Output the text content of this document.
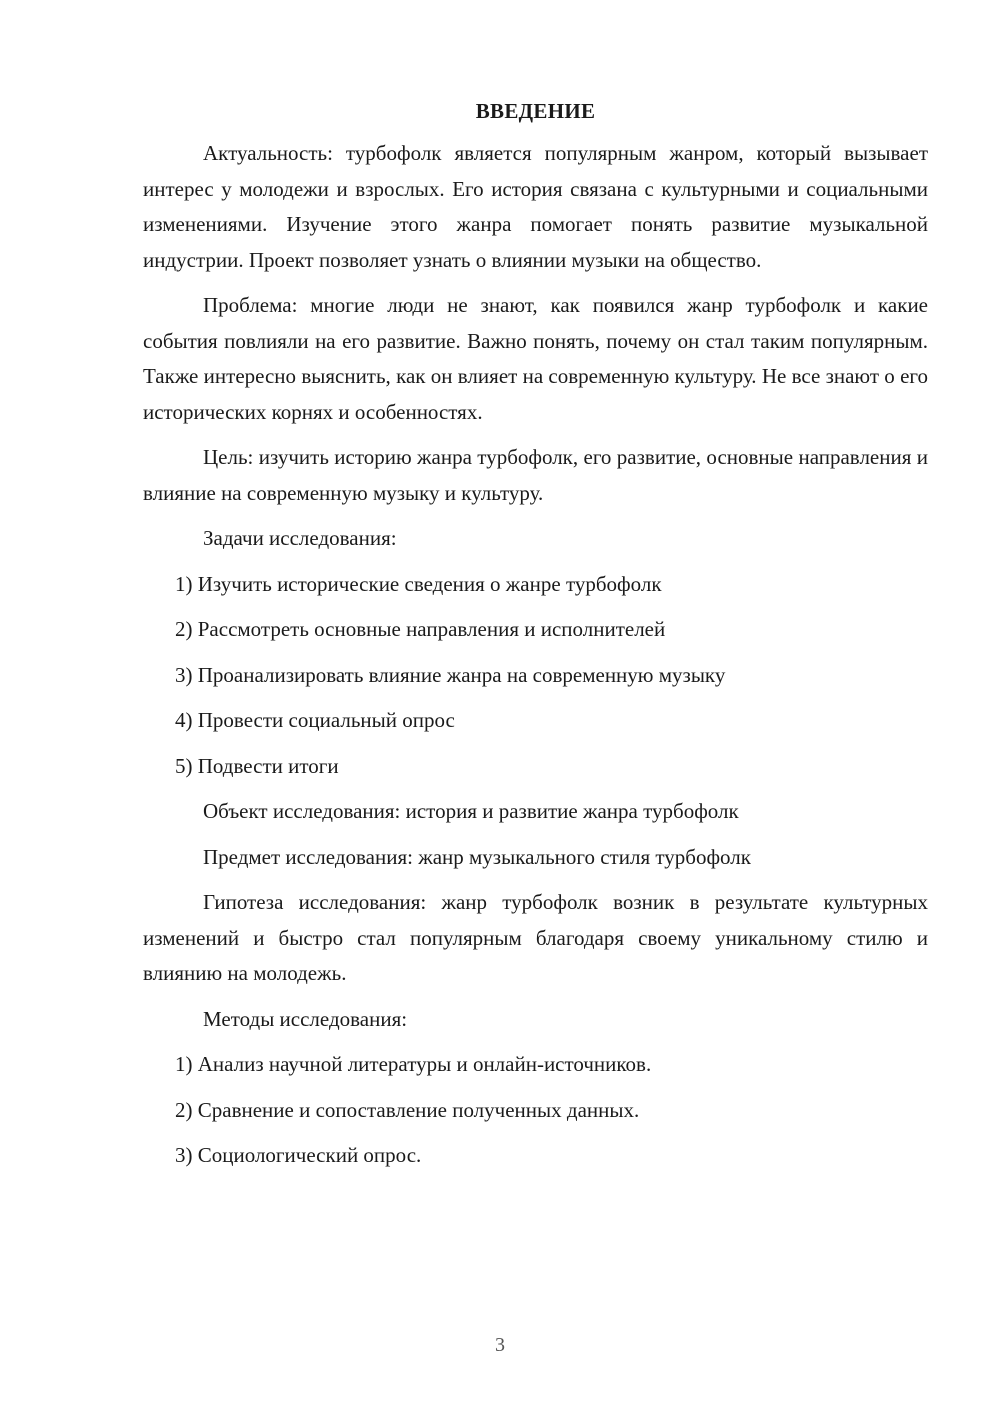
ВВЕДЕНИЕ
Актуальность: турбофолк является популярным жанром, который вызывает интерес у молодежи и взрослых. Его история связана с культурными и социальными изменениями. Изучение этого жанра помогает понять развитие музыкальной индустрии. Проект позволяет узнать о влиянии музыки на общество.
Проблема: многие люди не знают, как появился жанр турбофолк и какие события повлияли на его развитие. Важно понять, почему он стал таким популярным. Также интересно выяснить, как он влияет на современную культуру. Не все знают о его исторических корнях и особенностях.
Цель: изучить историю жанра турбофолк, его развитие, основные направления и влияние на современную музыку и культуру.
Задачи исследования:
1) Изучить исторические сведения о жанре турбофолк
2) Рассмотреть основные направления и исполнителей
3) Проанализировать влияние жанра на современную музыку
4) Провести социальный опрос
5) Подвести итоги
Объект исследования: история и развитие жанра турбофолк
Предмет исследования: жанр музыкального стиля турбофолк
Гипотеза исследования: жанр турбофолк возник в результате культурных изменений и быстро стал популярным благодаря своему уникальному стилю и влиянию на молодежь.
Методы исследования:
1) Анализ научной литературы и онлайн-источников.
2) Сравнение и сопоставление полученных данных.
3) Социологический опрос.
3
